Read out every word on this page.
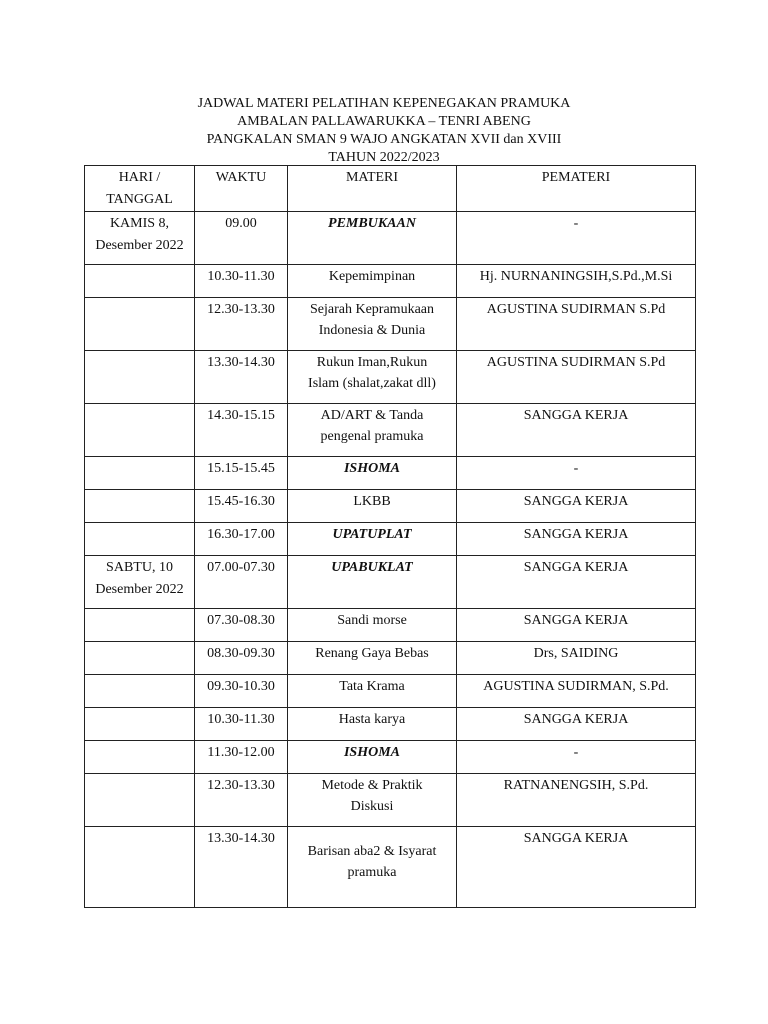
JADWAL MATERI PELATIHAN KEPENEGAKAN PRAMUKA
AMBALAN PALLAWARUKKA – TENRI ABENG
PANGKALAN SMAN 9 WAJO ANGKATAN XVII dan XVIII
TAHUN 2022/2023
HARI /
TANGGAL	WAKTU	MATERI	PEMATERI

KAMIS 8,
Desember 2022	09.00	PEMBUKAAN	-
	10.30-11.30	Kepemimpinan	Hj. NURNANINGSIH,S.Pd.,M.Si
	12.30-13.30	Sejarah Kepramukaan
Indonesia & Dunia	AGUSTINA SUDIRMAN S.Pd
	13.30-14.30	Rukun Iman,Rukun
Islam (shalat,zakat dll)	AGUSTINA SUDIRMAN S.Pd
	14.30-15.15	AD/ART & Tanda
pengenal pramuka	SANGGA KERJA
	15.15-15.45	ISHOMA	-
	15.45-16.30	LKBB	SANGGA KERJA
	16.30-17.00	UPATUPLAT	SANGGA KERJA

SABTU, 10
Desember 2022	07.00-07.30	UPABUKLAT	SANGGA KERJA
	07.30-08.30	Sandi morse	SANGGA KERJA
	08.30-09.30	Renang Gaya Bebas	Drs, SAIDING
	09.30-10.30	Tata Krama	AGUSTINA SUDIRMAN, S.Pd.
	10.30-11.30	Hasta karya	SANGGA KERJA
	11.30-12.00	ISHOMA	-
	12.30-13.30	Metode & Praktik
Diskusi	RATNANENGSIH, S.Pd.
	13.30-14.30	Barisan aba2 & Isyarat
pramuka	SANGGA KERJA
